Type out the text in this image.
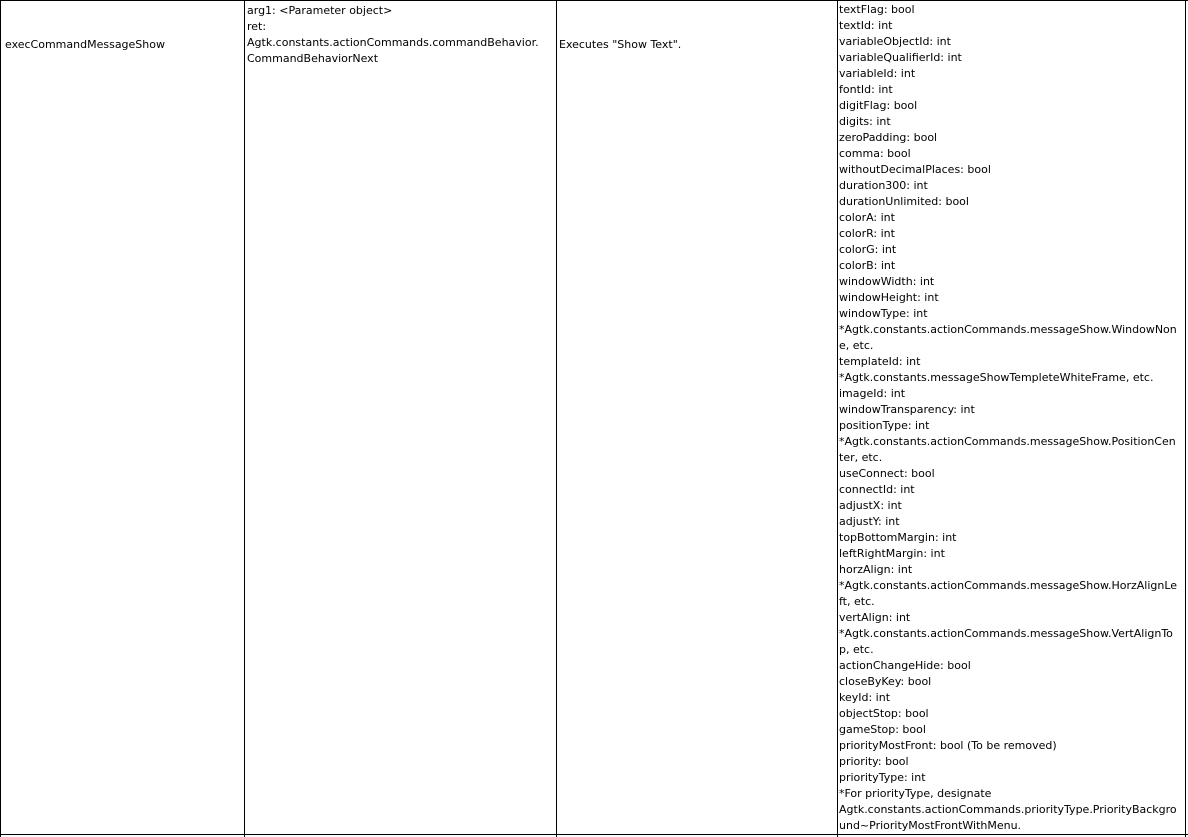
execCommandMessageShow

arg1: <Parameter object>
ret:
Agtk.constants.actionCommands.commandBehavior.
CommandBehaviorNext

Executes "Show Text".

textFlag: bool
textId: int
variableObjectId: int
variableQualifierId: int
variableId: int
fontId: int
digitFlag: bool
digits: int
zeroPadding: bool
comma: bool
withoutDecimalPlaces: bool
duration300: int
durationUnlimited: bool
colorA: int
colorR: int
colorG: int
colorB: int
windowWidth: int
windowHeight: int
windowType: int
*Agtk.constants.actionCommands.messageShow.WindowNon
e, etc.
templateId: int
*Agtk.constants.messageShowTempleteWhiteFrame, etc.
imageId: int
windowTransparency: int
positionType: int
*Agtk.constants.actionCommands.messageShow.PositionCen
ter, etc.
useConnect: bool
connectId: int
adjustX: int
adjustY: int
topBottomMargin: int
leftRightMargin: int
horzAlign: int
*Agtk.constants.actionCommands.messageShow.HorzAlignLe
ft, etc.
vertAlign: int
*Agtk.constants.actionCommands.messageShow.VertAlignTo
p, etc.
actionChangeHide: bool
closeByKey: bool
keyId: int
objectStop: bool
gameStop: bool
priorityMostFront: bool (To be removed)
priority: bool
priorityType: int
*For priorityType, designate
Agtk.constants.actionCommands.priorityType.PriorityBackgro
und~PriorityMostFrontWithMenu.
